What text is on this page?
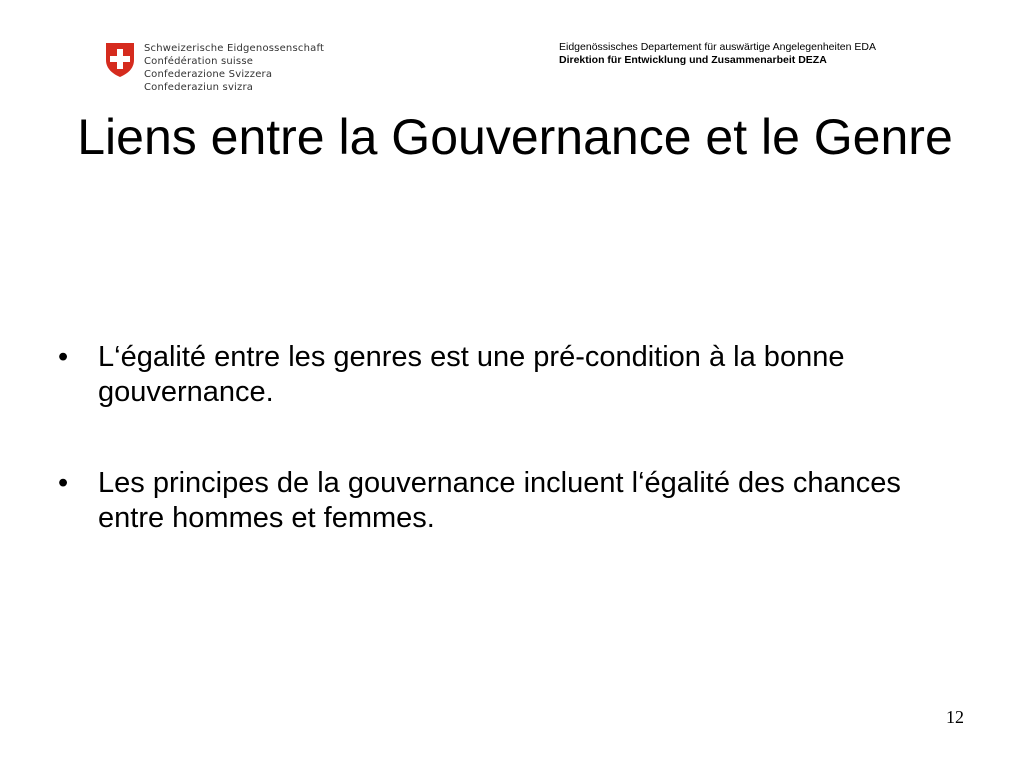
Schweizerische Eidgenossenschaft
Confédération suisse
Confederazione Svizzera
Confederaziun svizra
Eidgenössisches Departement für auswärtige Angelegenheiten EDA
Direktion für Entwicklung und Zusammenarbeit DEZA
Liens entre la Gouvernance et le Genre
• L‘égalité entre les genres est une pré-condition à la bonne gouvernance.
• Les principes de la gouvernance incluent l‘égalité des chances entre hommes et femmes.
12
